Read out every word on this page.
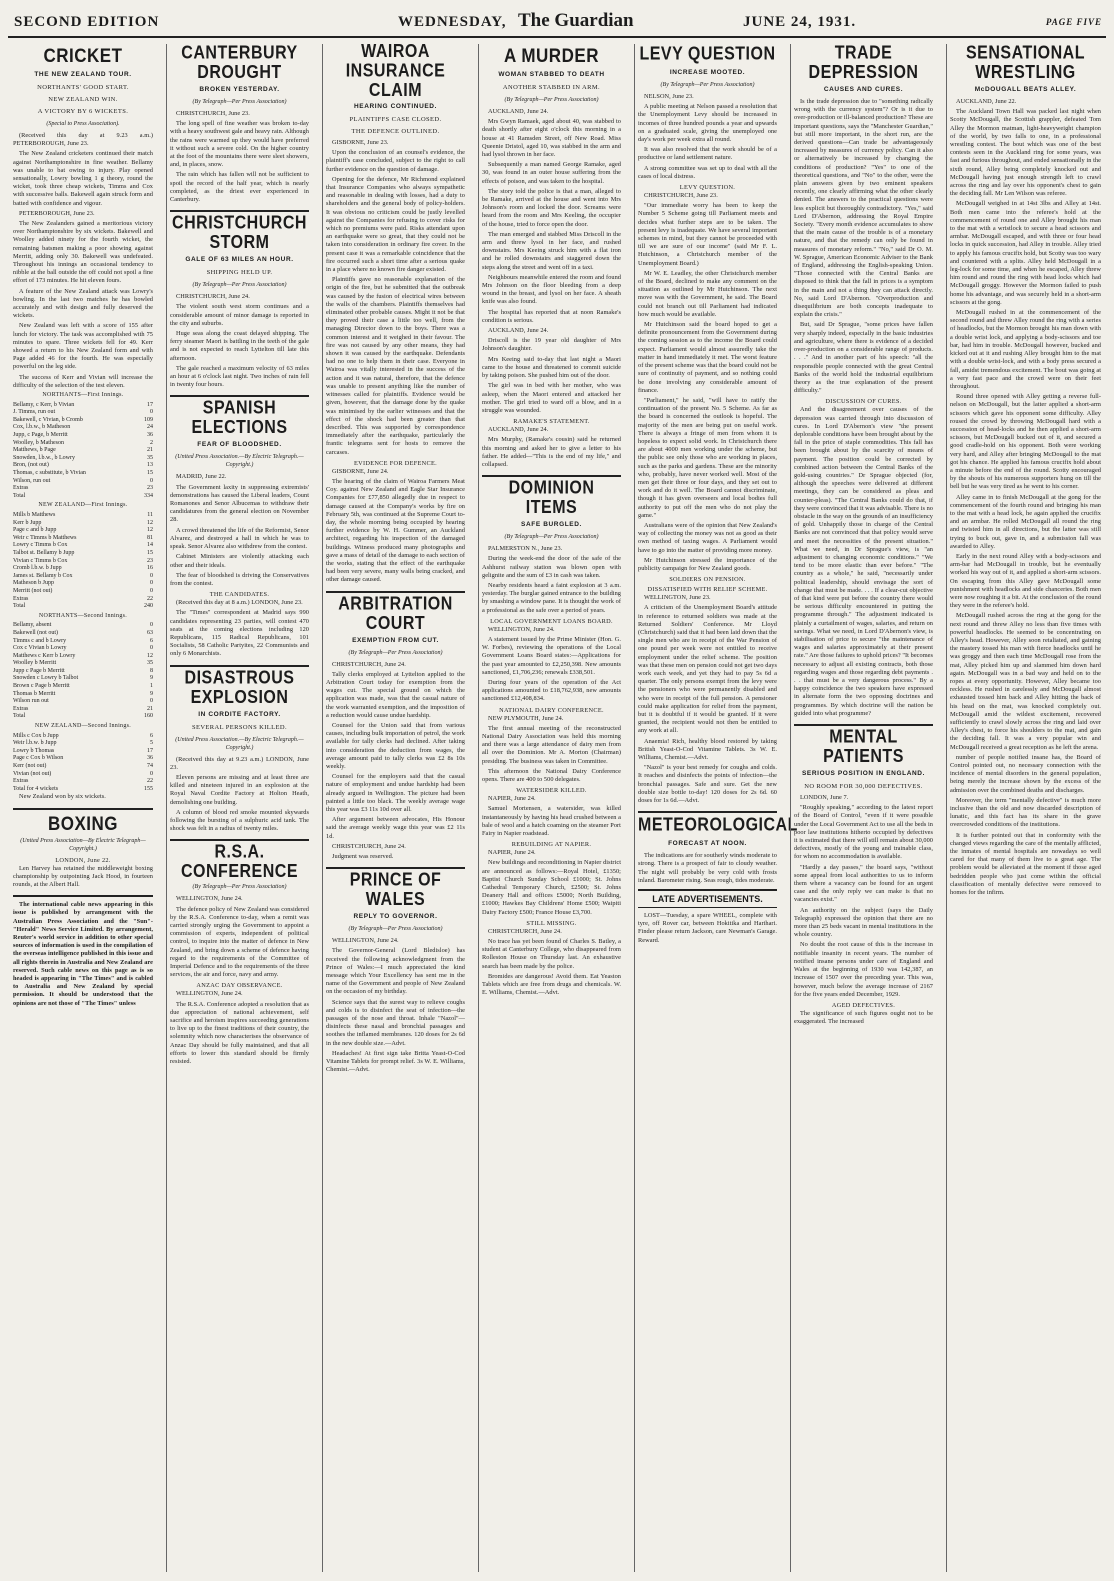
SECOND EDITION	WEDNESDAY, The Guardian	JUNE 24, 1931.	PAGE FIVE
CRICKET
THE NEW ZEALAND TOUR.
NORTHANTS' GOOD START.
NEW ZEALAND WIN.
A VICTORY BY 6 WICKETS.
(Special to Press Association).

(Received this day at 9.23 a.m.) PETERBOROUGH, June 23.

The New Zealand cricketers continued their match against Northamptonshire in fine weather. Bellamy was unable to bat owing to injury. Play opened sensationally, Lowry bowling 1 g theory, round the wicket, took three cheap wickets, Timms and Cox with successive balls. Bakewell again struck form and batted with confidence and vigour.

PETERBOROUGH, June 23.

The New Zealanders gained a meritorious victory over Northamptonshire by six wickets. Bakewell and Woolley added ninety for the fourth wicket, the remaining batsmen making a poor showing against Merritt, adding only 30. Bakewell was undefeated. Throughout his innings an occasional tendency to nibble at the ball outside the off could not spoil a fine effort of 173 minutes. He hit eleven fours.

A feature of the New Zealand attack was Lowry's bowling. In the last two matches he has bowled accurately and with design and fully deserved the wickets.

New Zealand was left with a score of 155 after lunch for victory. The task was accomplished with 75 minutes to spare. Three wickets fell for 49. Kerr showed a return to his New Zealand form and with Page added 46 for the fourth. He was especially powerful on the leg side.

The success of Kerr and Vivian will increase the difficulty of the selection of the test eleven.

NORTHANTS—First Innings.
Bellamy, c Kerr, b Vivian	17
J. Timms, run out	0
Bakewell, c Vivian, b Cromb	109
Cox, l.b.w., b Matheson	24
Jupp, c Page, b Merritt	36
Woolley, b Matheson	2
Matthews, b Page	21
Snowden, l.b.w., b Lowry	35
Bron, (not out)	13
Thomas, c substitute, b Vivian	15
Wilson, run out	0
Extras	23
Total	334
NEW ZEALAND—First Innings.
Mills b Matthews	11
Kerr b Jupp	12
Page c and b Jupp	12
Weir c Timms b Matthews	81
Lowry c Timms b Cox	14
Talbot st. Bellamy b Jupp	15
Vivian c Timms b Cox	23
Cromb l.b.w. b Jupp	16
James st. Bellamy b Cox	0
Matheson b Jupp	0
Merritt (not out)	0
Extras	22
Total	240
NORTHANTS—Second Innings.
Bellamy, absent	0
Bakewell (not out)	63
Timms c and b Lowry	6
Cox c Vivian b Lowry	0
Matthews c Kerr b Lowry	12
Woolley b Merritt	35
Jupp c Page b Merritt	8
Snowden c Lowry b Talbot	9
Brown c Page b Merritt	1
Thomas b Merritt	9
Wilson run out	0
Extras	21
Total	160
NEW ZEALAND—Second Innings.
Mills c Cox b Jupp	6
Weir l.b.w. b Jupp	5
Lowry b Thomas	17
Page c Cox b Wilson	36
Kerr (not out)	74
Vivian (not out)	0
Extras	22
Total for 4 wickets	155

New Zealand won by six wickets.

BOXING
(United Press Association—By Electric Telegraph—Copyright.)

LONDON, June 22.

Len Harvey has retained the middleweight boxing championship by outpointing Jack Hood, in fourteen rounds, at the Albert Hall.

The international cable news appearing in this issue is published by arrangement with the Australian Press Association and the "Sun"-"Herald" News Service Limited. By arrangement, Reuter's world service in addition to other special sources of information is used in the compilation of the overseas intelligence published in this issue and all rights therein in Australia and New Zealand are reserved. Such cable news on this page as is so headed is appearing in "The Times" and is cabled to Australia and New Zealand by special permission. It should be understood that the opinions are not those of "The Times" unless

CANTERBURY DROUGHT
BROKEN YESTERDAY.
(By Telegraph—Per Press Association)

CHRISTCHURCH, June 23.

The long spell of fine weather was broken to-day with a heavy southwest gale and heavy rain. Although the rains were warmed up they would have preferred it without such a severe cold. On the higher country at the foot of the mountains there were sleet showers, and, in places, snow.

The rain which has fallen will not be sufficient to spoil the record of the half year, which is nearly completed, as the driest ever experienced in Canterbury.

CHRISTCHURCH STORM
GALE OF 63 MILES AN HOUR.
SHIPPING HELD UP.
(By Telegraph—Per Press Association)

CHRISTCHURCH, June 24.

The violent south west storm continues and a considerable amount of minor damage is reported in the city and suburbs.

Huge seas along the coast delayed shipping. The ferry steamer Maori is battling in the teeth of the gale and is not expected to reach Lyttelton till late this afternoon.

The gale reached a maximum velocity of 63 miles an hour at 6 o'clock last night. Two inches of rain fell in twenty four hours.

SPANISH ELECTIONS
FEAR OF BLOODSHED.
(United Press Association.—By Electric Telegraph.—Copyright.)

MADRID, June 22.

The Government laxity in suppressing extremists' demonstrations has caused the Liberal leaders, Count Romanones and Senor Albucemas to withdraw their candidatures from the general election on November 28.

A crowd threatened the life of the Reformist, Senor Alvarez, and destroyed a hall in which he was to speak. Senor Alvarez also withdrew from the contest.

Cabinet Ministers are violently attacking each other and their ideals.

The fear of bloodshed is driving the Conservatives from the contest.

THE CANDIDATES.

(Received this day at 8 a.m.) LONDON, June 23.

The "Times" correspondent at Madrid says 990 candidates representing 23 parties, will contest 470 seats at the coming elections including 120 Republicans, 115 Radical Republicans, 101 Socialists, 58 Catholic Partyites, 22 Communists and only 6 Monarchists.

DISASTROUS EXPLOSION
IN CORDITE FACTORY.
SEVERAL PERSONS KILLED.
(United Press Association.—By Electric Telegraph.—Copyright.)

(Received this day at 9.23 a.m.) LONDON, June 23.

Eleven persons are missing and at least three are killed and nineteen injured in an explosion at the Royal Naval Cordite Factory at Holton Heath, demolishing one building.

A column of blood red smoke mounted skywards following the bursting of a sulphuric acid tank. The shock was felt in a radius of twenty miles.

R.S.A. CONFERENCE
(By Telegraph—Per Press Association)

WELLINGTON, June 24.

The defence policy of New Zealand was considered by the R.S.A. Conference to-day, when a remit was carried strongly urging the Government to appoint a commission of experts, independent of political control, to inquire into the matter of defence in New Zealand, and bring down a scheme of defence having regard to the requirements of the Committee of Imperial Defence and to the requirements of the three services, the air and force, navy and army.

ANZAC DAY OBSERVANCE.

WELLINGTON, June 24.

The R.S.A. Conference adopted a resolution that as due appreciation of national achievement, self sacrifice and heroism inspires succeeding generations to live up to the finest traditions of their country, the solemnity which now characterises the observance of Anzac Day should be fully maintained, and that all efforts to lower this standard should be firmly resisted.

WAIROA INSURANCE CLAIM
HEARING CONTINUED.
PLAINTIFFS CASE CLOSED.
THE DEFENCE OUTLINED.

GISBORNE, June 23.

Upon the conclusion of an counsel's evidence, the plaintiff's case concluded, subject to the right to call further evidence on the question of damage.

Opening for the defence, Mr Richmond explained that Insurance Companies who always sympathetic and reasonable in dealing with losses, had a duty to shareholders and the general body of policy-holders. It was obvious no criticism could be justly levelled against the Companies for refusing to cover risks for which no premiums were paid. Risks attendant upon an earthquake were so great, that they could not be taken into consideration in ordinary fire cover. In the present case it was a remarkable coincidence that the fire occurred such a short time after a serious quake in a place where no known fire danger existed.

Plaintiffs gave no reasonable explanation of the origin of the fire, but he submitted that the outbreak was caused by the fusion of electrical wires between the walls of the chambers. Plaintiffs themselves had eliminated other probable causes. Might it not be that they proved their case a little too well, from the managing Director down to the boys. There was a common interest and it weighed in their favour. The fire was not caused by any other means, they had shown it was caused by the earthquake. Defendants had no one to help them in their case. Everyone in Wairoa was vitally interested in the success of the action and it was natural, therefore, that the defence was unable to present anything like the number of witnesses called for plaintiffs. Evidence would be given, however, that the damage done by the quake was minimised by the earlier witnesses and that the effect of the shock had been greater than that described. This was supported by correspondence immediately after the earthquake, particularly the frantic telegrams sent for hosts to remove the carcases.

EVIDENCE FOR DEFENCE.

GISBORNE, June 24.

The hearing of the claim of Wairoa Farmers Meat Coy. against New Zealand and Eagle Star Insurance Companies for £77,850 allegedly due in respect to damage caused at the Company's works by fire on February 5th, was continued at the Supreme Court to-day, the whole morning being occupied by hearing further evidence by W. H. Gummer, an Auckland architect, regarding his inspection of the damaged buildings. Witness produced many photographs and gave a mass of detail of the damage to each section of the works, stating that the effect of the earthquake had been very severe, many walls being cracked, and other damage caused.

ARBITRATION COURT
EXEMPTION FROM CUT.
(By Telegraph—Per Press Association)

CHRISTCHURCH, June 24.

Tally clerks employed at Lyttelton applied to the Arbitration Court today for exemption from the wages cut. The special ground on which the application was made, was that the casual nature of the work warranted exemption, and the imposition of a reduction would cause undue hardship.

Counsel for the Union said that from various causes, including bulk importation of petrol, the work available for tally clerks had declined. After taking into consideration the deduction from wages, the average amount paid to tally clerks was £2 8s 10s weekly.

Counsel for the employers said that the casual nature of employment and undue hardship had been already argued in Wellington. The picture had been painted a little too black. The weekly average wage this year was £3 11s 10d over all.

After argument between advocates, His Honour said the average weekly wage this year was £2 11s 1d.

CHRISTCHURCH, June 24.

Judgment was reserved.

PRINCE OF WALES
REPLY TO GOVERNOR.
(By Telegraph—Per Press Association)

WELLINGTON, June 24.

The Governor-General (Lord Bledisloe) has received the following acknowledgment from the Prince of Wales:—I much appreciated the kind message which Your Excellency has sent me in the name of the Government and people of New Zealand on the occasion of my birthday.

Science says that the surest way to relieve coughs and colds is to disinfect the seat of infection—the passages of the nose and throat. Inhale "Nazol"—disinfects these nasal and bronchial passages and soothes the inflamed membranes. 120 doses for 2s 6d in the new double size.—Advt.

Headaches! At first sign take Britta Yeast-O-Cod Vitamine Tablets for prompt relief. 3s W. E. Williams, Chemist.—Advt.

A MURDER
WOMAN STABBED TO DEATH
ANOTHER STABBED IN ARM.
(By Telegraph—Per Press Association)

AUCKLAND, June 24.

Mrs Gwyn Ramaek, aged about 40, was stabbed to death shortly after eight o'clock this morning in a house at 41 Ramsden Street, off New Road. Miss Queenie Dristol, aged 10, was stabbed in the arm and had lysol thrown in her face.

Subsequently a man named George Ramake, aged 30, was found in an outer house suffering from the effects of poison, and was taken to the hospital.

The story told the police is that a man, alleged to be Ramake, arrived at the house and went into Mrs Johnson's room and locked the door. Screams were heard from the room and Mrs Keeling, the occupier of the house, tried to force open the door.

The man emerged and stabbed Miss Driscoll in the arm and threw lysol in her face, and rushed downstairs. Mrs Keeing struck him with a flat iron and he rolled downstairs and staggered down the steps along the street and went off in a taxi.

Neighbours meanwhile entered the room and found Mrs Johnson on the floor bleeding from a deep wound in the breast, and lysol on her face. A sheath knife was also found.

The hospital has reported that at noon Ramake's condition is serious.

AUCKLAND, June 24.

Driscoll is the 19 year old daughter of Mrs Johnson's daughter.

Mrs Keeing said to-day that last night a Maori came to the house and threatened to commit suicide by taking poison. She pushed him out of the door.

The girl was in bed with her mother, who was asleep, when the Maori entered and attacked her mother. The girl tried to ward off a blow, and in a struggle was wounded.

RAMAKE'S STATEMENT.

AUCKLAND, June 24.

Mrs Murphy, (Ramake's cousin) said he returned this morning and asked her to give a letter to his father. He added—"This is the end of my life," and collapsed.

DOMINION ITEMS
SAFE BURGLED.
(By Telegraph—Per Press Association)

PALMERSTON N., June 23.

During the week-end the door of the safe of the Ashhurst railway station was blown open with gelignite and the sum of £3 in cash was taken.

Nearby residents heard a faint explosion at 3 a.m. yesterday. The burglar gained entrance to the building by smashing a window pane. It is thought the work of a professional as the safe over a period of years.

LOCAL GOVERNMENT LOANS BOARD.

WELLINGTON, June 24.

A statement issued by the Prime Minister (Hon. G. W. Forbes), reviewing the operations of the Local Government Loans Board states:—Applications for the past year amounted to £2,250,398. New amounts sanctioned, £1,706,236; renewals £338,501.

During four years of the operation of the Act applications amounted to £18,762,938, new amounts sanctioned £12,408,834.

NATIONAL DAIRY CONFERENCE.

NEW PLYMOUTH, June 24.

The first annual meeting of the reconstructed National Dairy Association was held this morning and there was a large attendance of dairy men from all over the Dominion. Mr A. Morton (Chairman) presiding. The business was taken in Committee.

This afternoon the National Dairy Conference opens. There are 400 to 500 delegates.

WATERSIDER KILLED.

NAPIER, June 24.

Samuel Mortensen, a watersider, was killed instantaneously by having his head crushed between a bale of wool and a hatch coaming on the steamer Port Fairy in Napier roadstead.

REBUILDING AT NAPIER.

NAPIER, June 24.

New buildings and reconditioning in Napier district are announced as follows:—Royal Hotel, £1350; Baptist Church Sunday School £1000; St. Johns Cathedral Temporary Church, £2500; St. Johns Deanery Hall and offices £5000; North Building, £1000; Hawkes Bay Childrens' Home £500; Waipiti Dairy Factory £500; France House £3,700.

STILL MISSING.

CHRISTCHURCH, June 24.

No trace has yet been found of Charles S. Batley, a student at Canterbury College, who disappeared from Rolleston House on Thursday last. An exhaustive search has been made by the police.

Bromides are dangerous! Avoid them. Eat Yeaston Tablets which are free from drugs and chemicals. W. E. Williams, Chemist.—Advt.

LEVY QUESTION
INCREASE MOOTED.
(By Telegraph—Per Press Association)

NELSON, June 23.

A public meeting at Nelson passed a resolution that the Unemployment Levy should be increased in incomes of three hundred pounds a year and upwards on a graduated scale, giving the unemployed one day's work per week extra all round.

It was also resolved that the work should be of a productive or land settlement nature.

A strong committee was set up to deal with all the cases of local distress.

LEVY QUESTION.

CHRISTCHURCH, June 23.

"Our immediate worry has been to keep the Number 5 Scheme going till Parliament meets and decides what further steps are to be taken. The present levy is inadequate. We have several important schemes in mind, but they cannot be proceeded with till we are sure of our income" (said Mr F. L. Hutchinson, a Christchurch member of the Unemployment Board.)

Mr W. E. Leadley, the other Christchurch member of the Board, declined to make any comment on the situation as outlined by Mr Hutchinson. The next move was with the Government, he said. The Board could not branch out till Parliament had indicated how much would be available.

Mr Hutchinson said the board hoped to get a definite pronouncement from the Government during the coming session as to the income the Board could expect. Parliament would almost assuredly take the matter in hand immediately it met. The worst feature of the present scheme was that the board could not be sure of continuity of payment, and so nothing could be done involving any considerable amount of finance.

"Parliament," he said, "will have to ratify the continuation of the present No. 5 Scheme. As far as the board is concerned the outlook is hopeful. The majority of the men are being put on useful work. There is always a fringe of men from whom it is hopeless to expect solid work. In Christchurch there are about 4000 men working under the scheme, but the public see only those who are working in places, such as the parks and gardens. These are the minority who, probably, have never worked well. Most of the men get their three or four days, and they set out to work and do it well. The Board cannot discriminate, though it has given overseers and local bodies full authority to put off the men who do not play the game."

Australians were of the opinion that New Zealand's way of collecting the money was not as good as their own method of taxing wages. A Parliament would have to go into the matter of providing more money.

Mr Hutchinson stressed the importance of the publicity campaign for New Zealand goods.

SOLDIERS ON PENSION.

DISSATISFIED WITH RELIEF SCHEME.

WELLINGTON, June 23.

A criticism of the Unemployment Board's attitude in reference to returned soldiers was made at the Returned Soldiers' Conference. Mr Lloyd (Christchurch) said that it had been laid down that the single men who are in receipt of the War Pension of one pound per week were not entitled to receive employment under the relief scheme. The position was that these men on pension could not get two days work each week, and yet they had to pay 5s 6d a quarter. The only persons exempt from the levy were the pensioners who were permanently disabled and who were in receipt of the full pension. A pensioner could make application for relief from the payment, but it is doubtful if it would be granted. If it were granted, the recipient would not then be entitled to any work at all.

Anaemia! Rich, healthy blood restored by taking British Yeast-O-Cod Vitamine Tablets. 3s W. E. Williams, Chemist.—Advt.

"Nazol" is your best remedy for coughs and colds. It reaches and disinfects the points of infection—the bronchial passages. Safe and sure. Get the new double size bottle to-day! 120 doses for 2s 6d. 60 doses for 1s 6d.—Advt.

METEOROLOGICAL
FORECAST AT NOON.

The indications are for southerly winds moderate to strong. There is a prospect of fair to cloudy weather. The night will probably be very cold with frosts inland. Barometer rising. Seas rough, tides moderate.

LATE ADVERTISEMENTS.

LOST—Tuesday, a spare WHEEL, complete with tyre, off Rover car, between Hokitika and Harihari. Finder please return Jackson, care Newman's Garage. Reward.

TRADE DEPRESSION
CAUSES AND CURES.

Is the trade depression due to "something radically wrong with the currency system"? Or is it due to over-production or ill-balanced production? These are important questions, says the "Manchester Guardian," but still more important, in the short run, are the derived questions—Can trade be advantageously increased by measures of currency policy. Can it also or alternatively be increased by changing the conditions of production? "Yes" to one of the theoretical questions, and "No" to the other, were the plain answers given by two eminent speakers recently, one clearly affirming what the other clearly denied. The answers to the practical questions were less explicit but thoroughly contradictory. "Yes," said Lord D'Abernon, addressing the Royal Empire Society. "Every month evidence accumulates to show that the main cause of the trouble is of a monetary nature, and that the remedy can only be found in measures of monetary reform." "No," said Dr O. M. W. Sprague, American Economic Adviser to the Bank of England, addressing the English-speaking Union. "Those connected with the Central Banks are disposed to think that the fall in prices is a symptom in the main and not a thing they can attack directly. No, said Lord D'Abernon. "Overproduction and disequilibrium are both concepts inadequate to explain the crisis."

But, said Dr Sprague, "some prices have fallen very sharply indeed, especially in the basic industries and agriculture, where there is evidence of a decided over-production on a considerable range of products. . . ." And in another part of his speech: "all the responsible people connected with the great Central Banks of the world hold the industrial equilibrium theory as the true explanation of the present difficulty."

DISCUSSION OF CURES.

And the disagreement over causes of the depression was carried through into discussion of cures. In Lord D'Abernon's view "the present deplorable conditions have been brought about by the fall in the price of staple commodities. This fall has been brought about by the scarcity of means of payment. The position could be corrected by combined action between the Central Banks of the gold-using countries." Dr Sprague objected (for, although the speeches were delivered at different meetings, they can be considered as pleas and counter-pleas). "The Central Banks could do that, if they were convinced that it was advisable. There is no obstacle in the way on the grounds of an insufficiency of gold. Unhappily those in charge of the Central Banks are not convinced that that policy would serve and meet the necessities of the present situation." What we need, in Dr Sprague's view, is "an adjustment to changing economic conditions." "We tend to be more elastic than ever before." "The country as a whole," he said, "necessarily under political leadership, should envisage the sort of change that must be made. . . . If a clear-cut objective of that kind were put before the country there would be serious difficulty encountered in putting the programme through." The adjustment indicated is plainly a curtailment of wages, salaries, and return on savings. What we need, in Lord D'Abernon's view, is stabilisation of price to secure "the maintenance of wages and salaries approximately at their present rate." Are those failures to uphold prices? "It becomes necessary to adjust all existing contracts, both those regarding wages and those regarding debt payments . . . that must be a very dangerous process." By a happy coincidence the two speakers have expressed in alternate form the two opposing doctrines and programmes. By which doctrine will the nation be guided into what programme?

MENTAL PATIENTS
SERIOUS POSITION IN ENGLAND.
NO ROOM FOR 30,000 DEFECTIVES.

LONDON, June 7.

"Roughly speaking," according to the latest report of the Board of Control, "even if it were possible under the Local Government Act to use all the beds in poor law institutions hitherto occupied by defectives it is estimated that there will still remain about 30,000 defectives, mostly of the young and trainable class, for whom no accommodation is available.

"Hardly a day passes," the board says, "without some appeal from local authorities to us to inform them where a vacancy can be found for an urgent case and the only reply we can make is that no vacancies exist."

An authority on the subject (says the Daily Telegraph) expressed the opinion that there are no more than 25 beds vacant in mental institutions in the whole country.

No doubt the root cause of this is the increase in notifiable insanity in recent years. The number of notified insane persons under care of England and Wales at the beginning of 1930 was 142,387, an increase of 1507 over the preceding year. This was, however, much below the average increase of 2167 for the five years ended December, 1929.

AGED DEFECTIVES.

The significance of such figures ought not to be exaggerated. The increased

SENSATIONAL WRESTLING
McDOUGALL BEATS ALLEY.

AUCKLAND, June 22.

The Auckland Town Hall was packed last night when Scotty McDougall, the Scottish grappler, defeated Tom Alley the Mormon matman, light-heavyweight champion of the world, by two falls to one, in a professional wrestling contest. The bout which was one of the best contests seen in the Auckland ring for some years, was fast and furious throughout, and ended sensationally in the sixth round, Alley being completely knocked out and McDougall having just enough strength left to crawl across the ring and lay over his opponent's chest to gain the deciding fall. Mr Len Wilson was referee.

McDougall weighed in at 14st 3lbs and Alley at 14st. Both men came into the referee's hold at the commencement of round one and Alley brought his man to the mat with a wristlock to secure a head scissors and armbar. McDougall escaped, and with three or four head locks in quick succession, had Alley in trouble. Alley tried to apply his famous crucifix hold, but Scotty was too wary and countered with a splits. Alley held McDougall in a leg-lock for some time, and when he escaped, Alley threw him round and round the ring with head locks which had McDougall groggy. However the Mormon failed to push home his advantage, and was securely held in a short-arm scissors at the gong.

McDougall rushed in at the commencement of the second round and threw Alley round the ring with a series of headlocks, but the Mormon brought his man down with a double wrist lock, and applying a body-scissors and toe bar, had him in trouble. McDougall however, bucked and kicked out at it and rushing Alley brought him to the mat with a double wrist-lock, and with a body press secured a fall, amidst tremendous excitement. The bout was going at a very fast pace and the crowd were on their feet throughout.

Round three opened with Alley getting a reverse full-nelson on McDougall, but the latter applied a short-arm scissors which gave his opponent some difficulty. Alley roused the crowd by throwing McDougall hard with a succession of head-locks and he then applied a short-arm scissors, but McDougall bucked out of it, and secured a good cradle-hold on his opponent. Both were working very hard, and Alley after bringing McDougall to the mat got his chance. He applied his famous crucifix hold about a minute before the end of the round. Scotty encouraged by the shouts of his numerous supporters hung on till the bell but he was very tired as he went to his corner.

Alley came in to finish McDougall at the gong for the commencement of the fourth round and bringing his man to the mat with a head lock, he again applied the crucifix and an armbar. He rolled McDougall all round the ring and twisted him in all directions, but the latter was still trying to buck out, gave in, and a submission fall was awarded to Alley.

Early in the next round Alley with a body-scissors and arm-bar had McDougall in trouble, but he eventually worked his way out of it, and applied a short-arm scissors. On escaping from this Alley gave McDougall some punishment with headlocks and side chanceries. Both men were now roughing it a bit. At the conclusion of the round they were in the referee's hold.

McDougall rushed across the ring at the gong for the next round and threw Alley no less than five times with powerful headlocks. He seemed to be concentrating on Alley's head. However, Alley soon retaliated, and gaining the mastery tossed his man with fierce headlocks until he was groggy and then each time McDougall rose from the mat, Alley picked him up and slammed him down hard again. McDougall was in a bad way and held on to the ropes at every opportunity. However, Alley became too reckless. He rushed in carelessly and McDougall almost exhausted tossed him back and Alley hitting the back of his head on the mat, was knocked completely out. McDougall amid the wildest excitement, recovered sufficiently to crawl slowly across the ring and laid over Alley's chest, to force his shoulders to the mat, and gain the deciding fall. It was a very popular win and McDougall received a great reception as he left the arena.

number of people notified insane has, the Board of Control pointed out, no necessary connection with the incidence of mental disorders in the general population, being merely the increase shown by the excess of the admission over the combined deaths and discharges.

Moreover, the term "mentally defective" is much more inclusive than the old and now discarded description of lunatic, and this fact has its share in the grave overcrowded conditions of the institutions.

It is further pointed out that in conformity with the changed views regarding the care of the mentally afflicted, the inmates of mental hospitals are nowadays so well cared for that many of them live to a great age. The problem would be alleviated at the moment if those aged bedridden people who just come within the official classification of mentally defective were removed to homes for the infirm.
